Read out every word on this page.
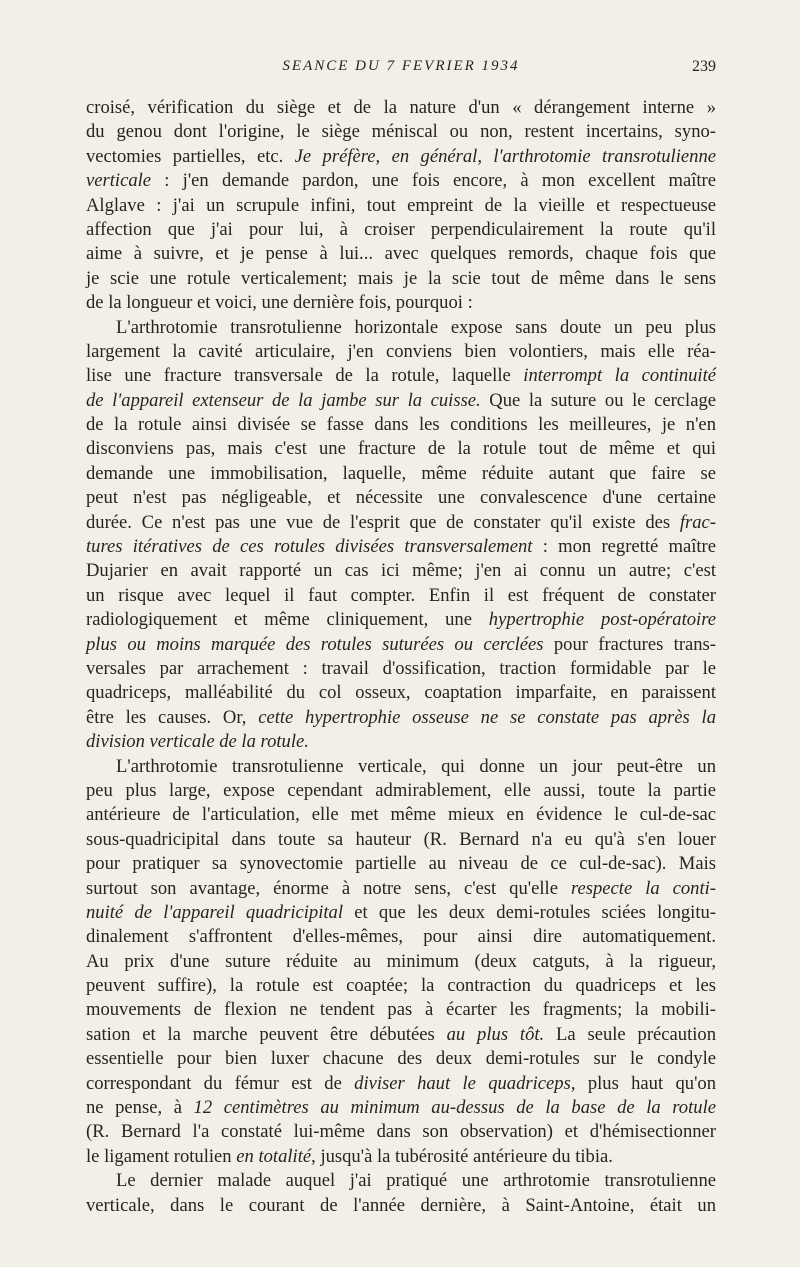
SEANCE DU 7 FEVRIER 1934	239
croisé, vérification du siège et de la nature d'un « dérangement interne »
du genou dont l'origine, le siège méniscal ou non, restent incertains, syno-
vectomies partielles, etc. Je préfère, en général, l'arthrotomie transrotulienne
verticale : j'en demande pardon, une fois encore, à mon excellent maître
Alglave : j'ai un scrupule infini, tout empreint de la vieille et respectueuse
affection que j'ai pour lui, à croiser perpendiculairement la route qu'il
aime à suivre, et je pense à lui... avec quelques remords, chaque fois que
je scie une rotule verticalement; mais je la scie tout de même dans le sens
de la longueur et voici, une dernière fois, pourquoi :
L'arthrotomie transrotulienne horizontale expose sans doute un peu plus
largement la cavité articulaire, j'en conviens bien volontiers, mais elle réa-
lise une fracture transversale de la rotule, laquelle interrompt la continuité
de l'appareil extenseur de la jambe sur la cuisse. Que la suture ou le cerclage
de la rotule ainsi divisée se fasse dans les conditions les meilleures, je n'en
disconviens pas, mais c'est une fracture de la rotule tout de même et qui
demande une immobilisation, laquelle, même réduite autant que faire se
peut n'est pas négligeable, et nécessite une convalescence d'une certaine
durée. Ce n'est pas une vue de l'esprit que de constater qu'il existe des frac-
tures itératives de ces rotules divisées transversalement : mon regretté maître
Dujarier en avait rapporté un cas ici même; j'en ai connu un autre; c'est
un risque avec lequel il faut compter. Enfin il est fréquent de constater
radiologiquement et même cliniquement, une hypertrophie post-opératoire
plus ou moins marquée des rotules suturées ou cerclées pour fractures trans-
versales par arrachement : travail d'ossification, traction formidable par le
quadriceps, malléabilité du col osseux, coaptation imparfaite, en paraissent
être les causes. Or, cette hypertrophie osseuse ne se constate pas après la
division verticale de la rotule.
L'arthrotomie transrotulienne verticale, qui donne un jour peut-être un
peu plus large, expose cependant admirablement, elle aussi, toute la partie
antérieure de l'articulation, elle met même mieux en évidence le cul-de-sac
sous-quadricipital dans toute sa hauteur (R. Bernard n'a eu qu'à s'en louer
pour pratiquer sa synovectomie partielle au niveau de ce cul-de-sac). Mais
surtout son avantage, énorme à notre sens, c'est qu'elle respecte la conti-
nuité de l'appareil quadricipital et que les deux demi-rotules sciées longitu-
dinalement s'affrontent d'elles-mêmes, pour ainsi dire automatiquement.
Au prix d'une suture réduite au minimum (deux catguts, à la rigueur,
peuvent suffire), la rotule est coaptée; la contraction du quadriceps et les
mouvements de flexion ne tendent pas à écarter les fragments; la mobili-
sation et la marche peuvent être débutées au plus tôt. La seule précaution
essentielle pour bien luxer chacune des deux demi-rotules sur le condyle
correspondant du fémur est de diviser haut le quadriceps, plus haut qu'on
ne pense, à 12 centimètres au minimum au-dessus de la base de la rotule
(R. Bernard l'a constaté lui-même dans son observation) et d'hémisectionner
le ligament rotulien en totalité, jusqu'à la tubérosité antérieure du tibia.
Le dernier malade auquel j'ai pratiqué une arthrotomie transrotulienne
verticale, dans le courant de l'année dernière, à Saint-Antoine, était un
